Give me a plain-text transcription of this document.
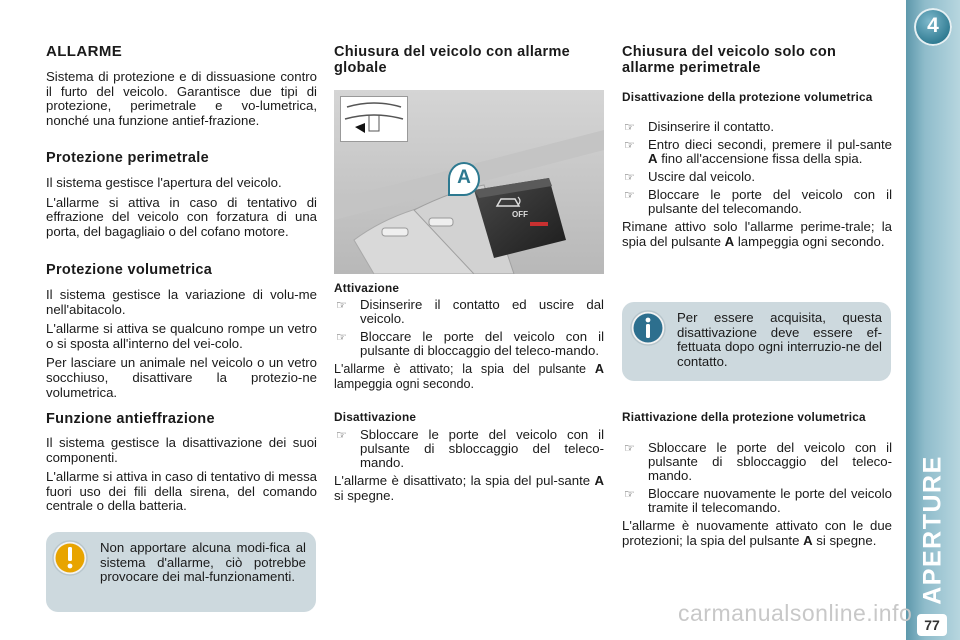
4
APERTURE
77
ALLARME

Sistema di protezione e di dissuasione contro il furto del veicolo. Garantisce due tipi di protezione, perimetrale e vo-lumetrica, nonché una funzione antief-frazione.

Protezione perimetrale

Il sistema gestisce l'apertura del veicolo.

L'allarme si attiva in caso di tentativo di effrazione del veicolo con forzatura di una porta, del bagagliaio o del cofano motore.

Protezione volumetrica

Il sistema gestisce la variazione di volu-me nell'abitacolo.

L'allarme si attiva se qualcuno rompe un vetro o si sposta all'interno del vei-colo.

Per lasciare un animale nel veicolo o un vetro socchiuso, disattivare la protezio-ne volumetrica.

Funzione antieffrazione

Il sistema gestisce la disattivazione dei suoi componenti.

L'allarme si attiva in caso di tentativo di messa fuori uso dei fili della sirena, del comando centrale o della batteria.

Non apportare alcuna modi-fica al sistema d'allarme, ciò potrebbe provocare dei mal-funzionamenti.

Chiusura del veicolo con allarme globale
A
OFF
Attivazione
☞	Disinserire il contatto ed uscire dal veicolo.
☞	Bloccare le porte del veicolo con il pulsante di bloccaggio del teleco-mando.

L'allarme è attivato; la spia del pulsante A lampeggia ogni secondo.

Disattivazione
☞	Sbloccare le porte del veicolo con il pulsante di sbloccaggio del teleco-mando.

L'allarme è disattivato; la spia del pul-sante A si spegne.

Chiusura del veicolo solo con allarme perimetrale
Disattivazione della protezione volumetrica
☞	Disinserire il contatto.
☞	Entro dieci secondi, premere il pul-sante A fino all'accensione fissa della spia.
☞	Uscire dal veicolo.
☞	Bloccare le porte del veicolo con il pulsante del telecomando.

Rimane attivo solo l'allarme perime-trale; la spia del pulsante A lampeggia ogni secondo.

Per essere acquisita, questa disattivazione deve essere ef-fettuata dopo ogni interruzio-ne del contatto.

Riattivazione della protezione volumetrica
☞	Sbloccare le porte del veicolo con il pulsante di sbloccaggio del teleco-mando.
☞	Bloccare nuovamente le porte del veicolo tramite il telecomando.

L'allarme è nuovamente attivato con le due protezioni; la spia del pulsante A si spegne.

carmanualsonline.info
